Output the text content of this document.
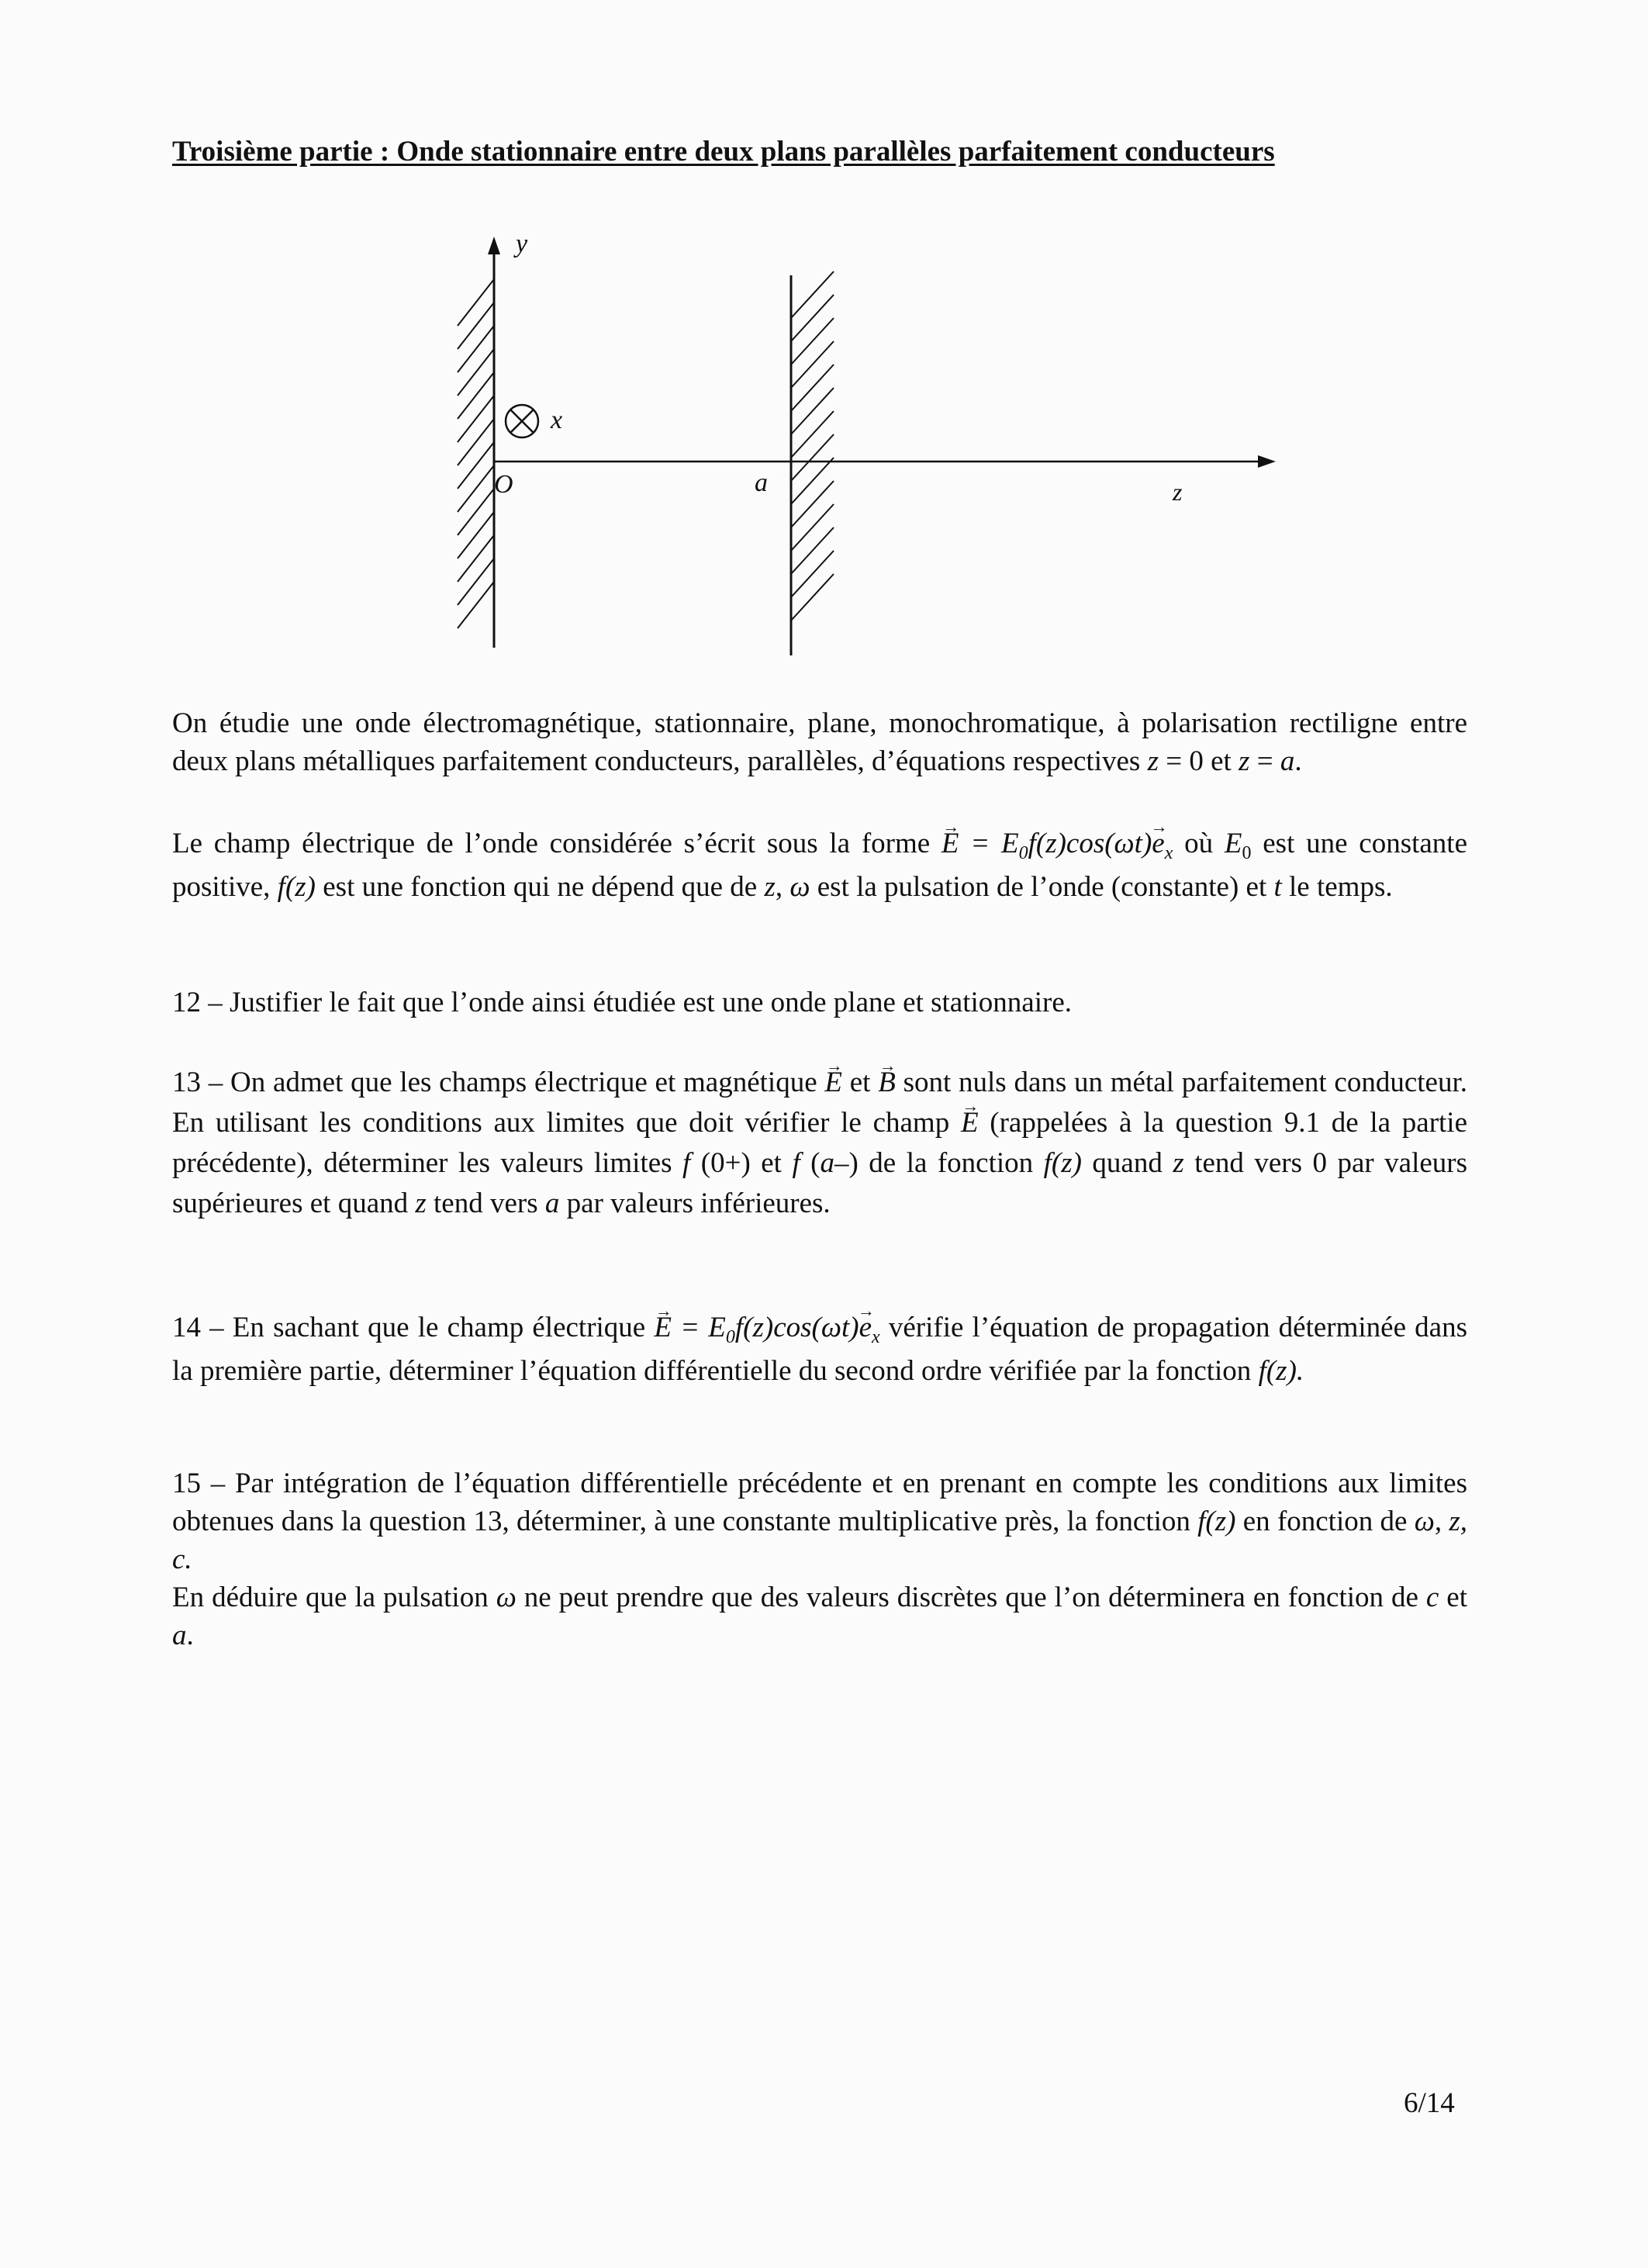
Troisième partie : Onde stationnaire entre deux plans parallèles parfaitement conducteurs
y
x
O	a	z
On étudie une onde électromagnétique, stationnaire, plane, monochromatique, à polarisation rectiligne entre deux plans métalliques parfaitement conducteurs, parallèles, d’équations respectives z = 0 et z = a.
Le champ électrique de l’onde considérée s’écrit sous la forme → $E = E_0f(z)\cos(\omega t)\to e_x$ où $E_0$ est une constante positive, f(z) est une fonction qui ne dépend que de z, ω est la pulsation de l’onde (constante) et t le temps.
12 – Justifier le fait que l’onde ainsi étudiée est une onde plane et stationnaire.
13 – On admet que les champs électrique et magnétique → E et → B sont nuls dans un métal parfaitement conducteur. En utilisant les conditions aux limites que doit vérifier le champ → E (rappelées à la question 9.1 de la partie précédente), déterminer les valeurs limites f (0+) et f (a–) de la fonction f(z) quand z tend vers 0 par valeurs supérieures et quand z tend vers a par valeurs inférieures.
14 – En sachant que le champ électrique → $E = E_0f(z)\cos(\omega t)\to e_x$ vérifie l’équation de propagation déterminée dans la première partie, déterminer l’équation différentielle du second ordre vérifiée par la fonction f(z).
15 – Par intégration de l’équation différentielle précédente et en prenant en compte les conditions aux limites obtenues dans la question 13, déterminer, à une constante multiplicative près, la fonction f(z) en fonction de ω, z, c.
En déduire que la pulsation ω ne peut prendre que des valeurs discrètes que l’on déterminera en fonction de c et a.
6/14
